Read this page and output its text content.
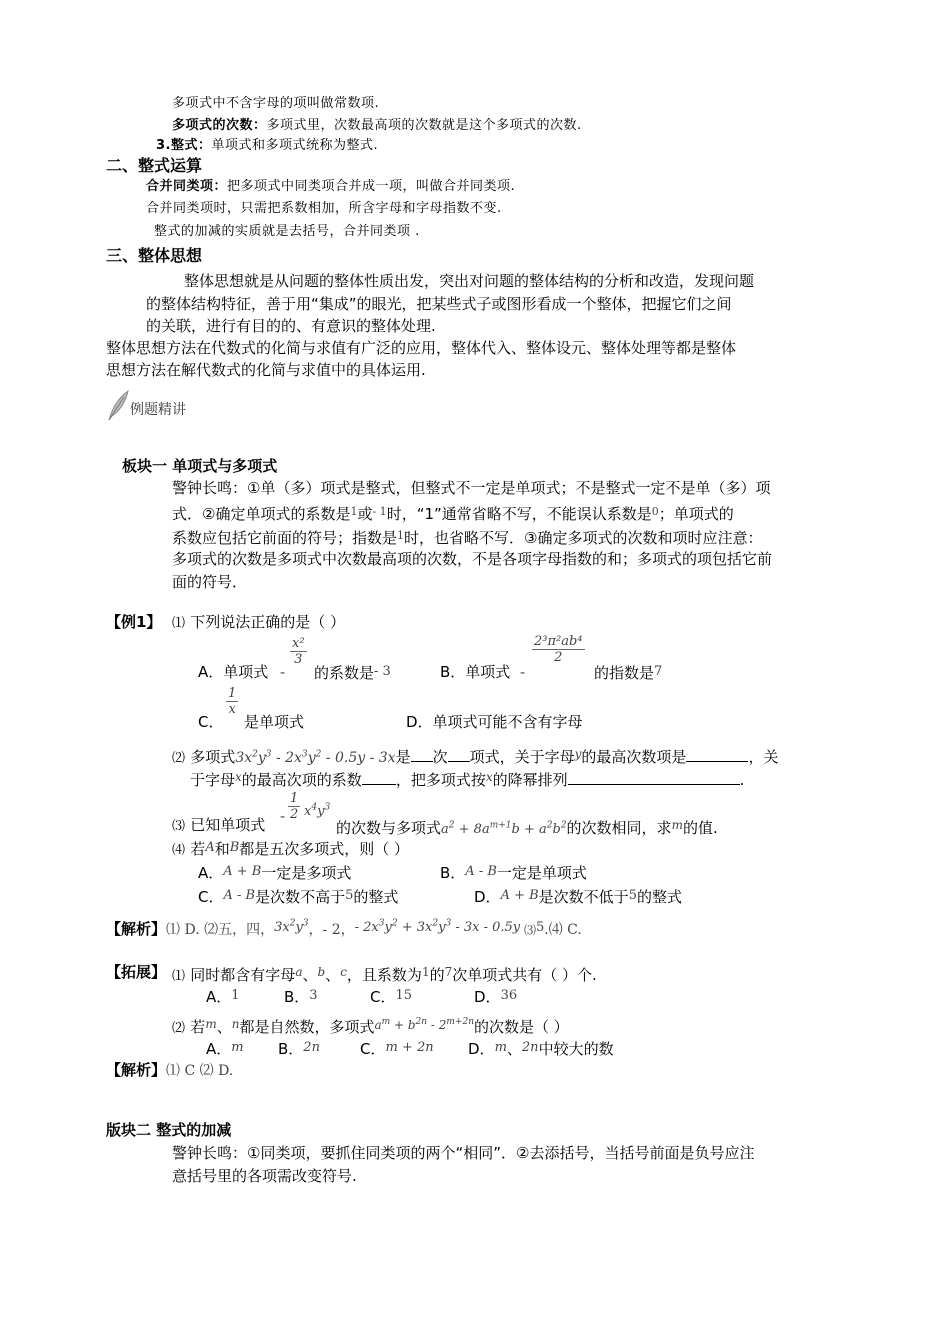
多项式中不含字母的项叫做常数项.
多项式的次数：多项式里，次数最高项的次数就是这个多项式的次数.
3.整式：单项式和多项式统称为整式.
二、整式运算
合并同类项：把多项式中同类项合并成一项，叫做合并同类项.
合并同类项时，只需把系数相加，所含字母和字母指数不变.
整式的加减的实质就是去括号，合并同类项 .
三、整体思想
整体思想就是从问题的整体性质出发，突出对问题的整体结构的分析和改造，发现问题
的整体结构特征，善于用“集成”的眼光，把某些式子或图形看成一个整体，把握它们之间
的关联，进行有目的的、有意识的整体处理.
整体思想方法在代数式的化简与求值有广泛的应用，整体代入、整体设元、整体处理等都是整体
思想方法在解代数式的化简与求值中的具体运用.
例题精讲
板块一 单项式与多项式
警钟长鸣：①单（多）项式是整式，但整式不一定是单项式；不是整式一定不是单（多）项
式．②确定单项式的系数是$^1$或$^{- 1}$时，“1”通常省略不写，不能误认系数是$^0$；单项式的
系数应包括它前面的符号；指数是$^1$时，也省略不写．③确定多项式的次数和项时应注意：
多项式的次数是多项式中次数最高项的次数，不是各项字母指数的和；多项式的项包括它前
面的符号．
【例1】 ⑴ 下列说法正确的是（ ）
A．单项式 -
$\frac{\text{x²}}{3}$
的系数是- 3	B．单项式 -
$\frac{\text{2³π²ab⁴}}{2}$
的指数是7
C．
$\frac{1}{x}$
是单项式	D．单项式可能不含有字母
⑵ 多项式$3x^2y^3 - 2x^3y^2 - 0.5y - 3x$是 次 项式，关于字母$^y$的最高次数项是	，关
于字母$^x$的最高次项的系数 ，把多项式按$^x$的降幂排列	.
⑶ 已知单项式 - $\frac{1}{2} x^4y^3$
的次数与多项式$a^2 + 8a^{m+1}b + a^2b^2$的次数相同，求$^m$的值.
⑷ 若A和B都是五次多项式，则（ ）
A．A + B一定是多项式	B．A - B一定是单项式
C．A - B是次数不高于5的整式	D．A + B是次数不低于5的整式
【解析】⑴ D. ⑵五，四，$3x^2y^3$，- 2，- $2x^3y^2 + 3x^2y^3 - 3x - 0.5y$ ⑶5.⑷ C.
【拓展】 ⑴ 同时都含有字母$^a$、$^b$、$^c$，且系数为$^1$的$^7$次单项式共有（ ）个.
A．1	B．3	C．15	D．36
⑵ 若$^m$、$^n$都是自然数，多项式$^{a^m + b^{2n} - 2^{m+2n}}$的次数是（ ）
A．m B．2n	C．m + 2n D．m、2n中较大的数
【解析】⑴ C ⑵ D.
版块二 整式的加减
警钟长鸣：①同类项，要抓住同类项的两个“相同”．②去添括号，当括号前面是负号应注
意括号里的各项需改变符号.
